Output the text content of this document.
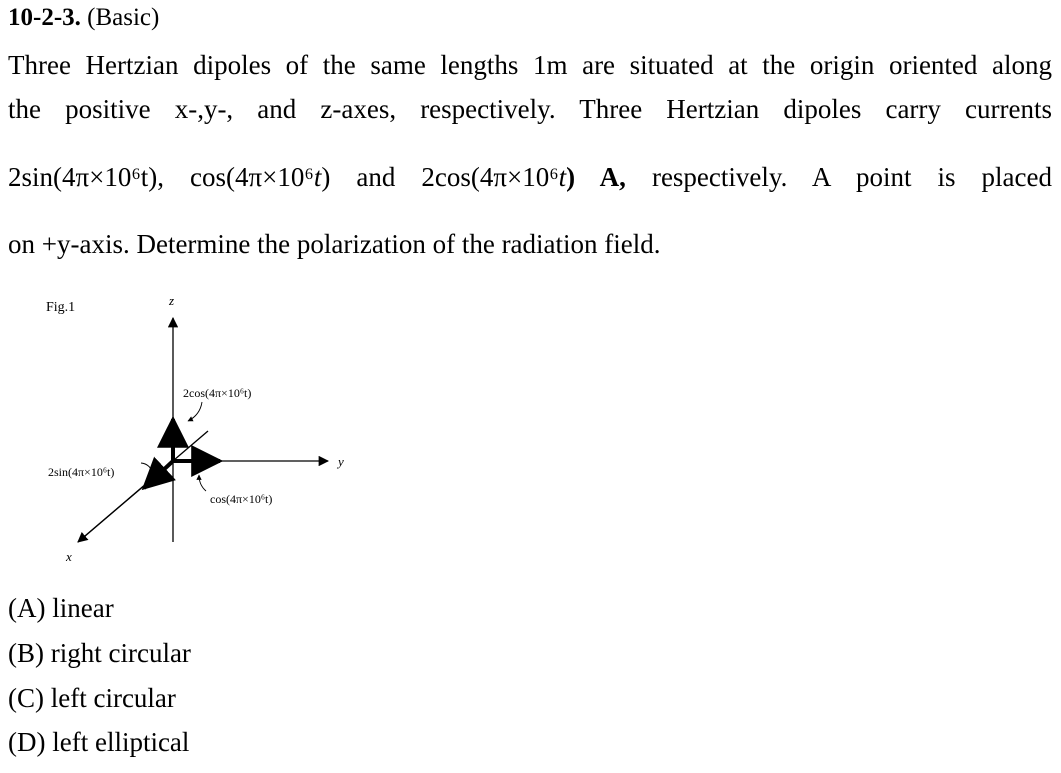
10-2-3. (Basic)
Three Hertzian dipoles of the same lengths 1m are situated at the origin oriented along
the positive x-,y-, and z-axes, respectively. Three Hertzian dipoles carry currents
2sin(4π×10⁶t), cos(4π×10⁶t) and 2cos(4π×10⁶t) A, respectively. A point is placed
on +y-axis. Determine the polarization of the radiation field.
Fig.1	z
y
x
2cos(4π×10⁶t)
2sin(4π×10⁶t)
cos(4π×10⁶t)
(A) linear
(B) right circular
(C) left circular
(D) left elliptical
